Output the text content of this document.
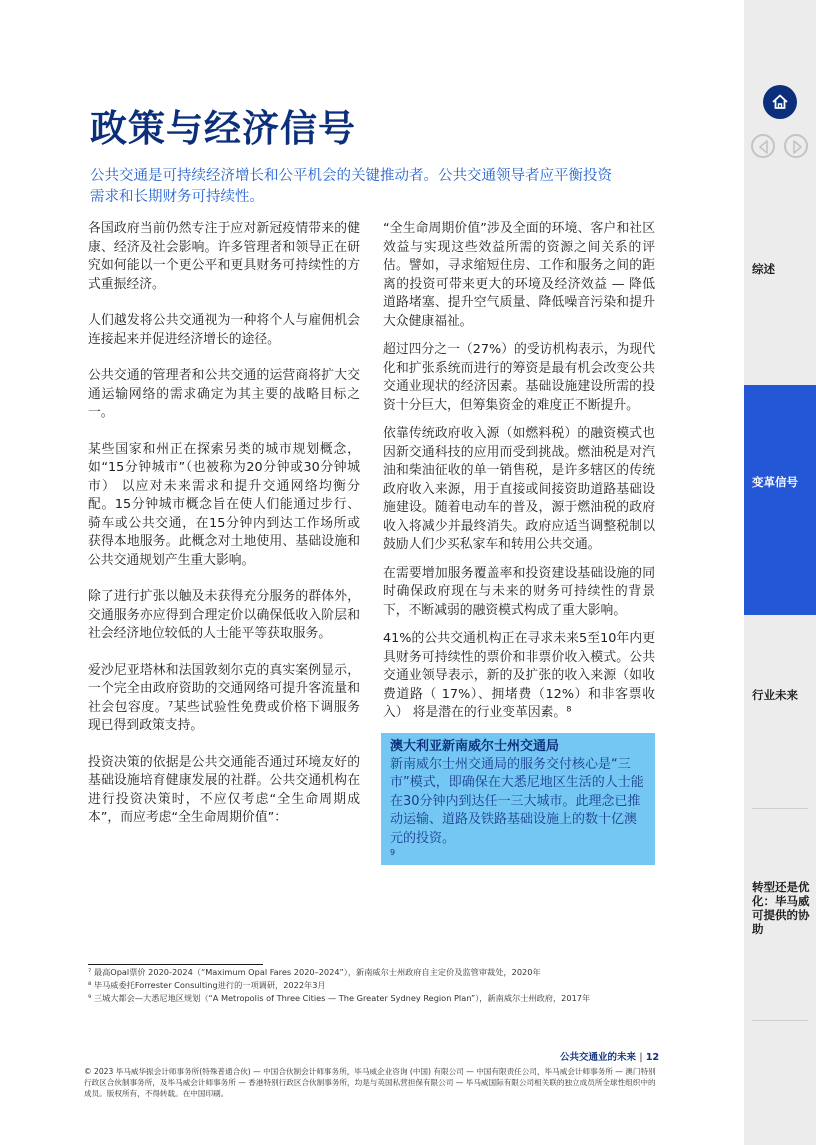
政策与经济信号

公共交通是可持续经济增长和公平机会的关键推动者。公共交通领导者应平衡投资需求和长期财务可持续性。

各国政府当前仍然专注于应对新冠疫情带来的健康、经济及社会影响。许多管理者和领导正在研究如何能以一个更公平和更具财务可持续性的方式重振经济。

人们越发将公共交通视为一种将个人与雇佣机会连接起来并促进经济增长的途径。

公共交通的管理者和公共交通的运营商将扩大交通运输网络的需求确定为其主要的战略目标之一。

某些国家和州正在探索另类的城市规划概念，如“15分钟城市”（也被称为20分钟或30分钟城市） 以应对未来需求和提升交通网络均衡分配。15分钟城市概念旨在使人们能通过步行、骑车或公共交通，在15分钟内到达工作场所或获得本地服务。此概念对土地使用、基础设施和公共交通规划产生重大影响。

除了进行扩张以触及未获得充分服务的群体外，交通服务亦应得到合理定价以确保低收入阶层和社会经济地位较低的人士能平等获取服务。

爱沙尼亚塔林和法国敦刻尔克的真实案例显示，一个完全由政府资助的交通网络可提升客流量和社会包容度。⁷某些试验性免费或价格下调服务现已得到政策支持。

投资决策的依据是公共交通能否通过环境友好的基础设施培育健康发展的社群。公共交通机构在进行投资决策时，不应仅考虑“全生命周期成本”，而应考虑“全生命周期价值”：

“全生命周期价值”涉及全面的环境、客户和社区效益与实现这些效益所需的资源之间关系的评估。譬如，寻求缩短住房、工作和服务之间的距离的投资可带来更大的环境及经济效益 — 降低道路堵塞、提升空气质量、降低噪音污染和提升大众健康福祉。

超过四分之一（27%）的受访机构表示，为现代化和扩张系统而进行的筹资是最有机会改变公共交通业现状的经济因素。基础设施建设所需的投资十分巨大，但筹集资金的难度正不断提升。

依靠传统政府收入源（如燃料税）的融资模式也因新交通科技的应用而受到挑战。燃油税是对汽油和柴油征收的单一销售税，是许多辖区的传统政府收入来源，用于直接或间接资助道路基础设施建设。随着电动车的普及，源于燃油税的政府收入将减少并最终消失。政府应适当调整税制以鼓励人们少买私家车和转用公共交通。

在需要增加服务覆盖率和投资建设基础设施的同时确保政府现在与未来的财务可持续性的背景下，不断减弱的融资模式构成了重大影响。

41%的公共交通机构正在寻求未来5至10年内更具财务可持续性的票价和非票价收入模式。公共交通业领导表示，新的及扩张的收入来源（如收费道路（ 17%）、拥堵费（12%）和非客票收入） 将是潜在的行业变革因素。⁸

澳大利亚新南威尔士州交通局
新南威尔士州交通局的服务交付核心是“三市”模式，即确保在大悉尼地区生活的人士能在30分钟内到达任一三大城市。此理念已推动运输、道路及铁路基础设施上的数十亿澳元的投资。
9
⁷ 最高Opal票价 2020-2024（“Maximum Opal Fares 2020–2024”），新南威尔士州政府自主定价及监管审裁处，2020年
⁸ 毕马威委托Forrester Consulting进行的一项调研，2022年3月
⁹ 三城大都会—大悉尼地区规划（“A Metropolis of Three Cities — The Greater Sydney Region Plan”），新南威尔士州政府，2017年
公共交通业的未来 | 12
© 2023 毕马威华振会计师事务所(特殊普通合伙) — 中国合伙制会计师事务所，毕马威企业咨询 (中国) 有限公司 — 中国有限责任公司，毕马威会计师事务所 — 澳门特别行政区合伙制事务所，及毕马威会计师事务所 — 香港特别行政区合伙制事务所，均是与英国私营担保有限公司 — 毕马威国际有限公司相关联的独立成员所全球性组织中的成员。版权所有，不得转载。在中国印刷。
综述
变革信号
行业未来
转型还是优化：毕马威可提供的协助
